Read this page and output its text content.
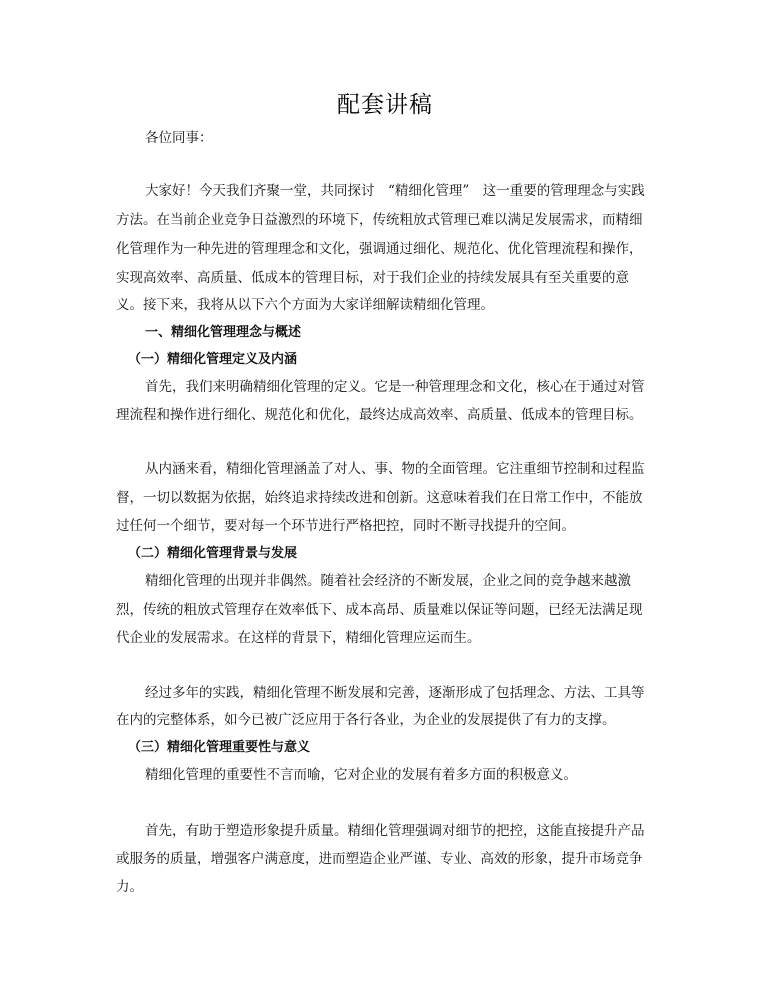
配套讲稿
各位同事：
大家好！今天我们齐聚一堂，共同探讨　“精细化管理”　这一重要的管理理念与实践
方法。在当前企业竞争日益激烈的环境下，传统粗放式管理已难以满足发展需求，而精细
化管理作为一种先进的管理理念和文化，强调通过细化、规范化、优化管理流程和操作，
实现高效率、高质量、低成本的管理目标，对于我们企业的持续发展具有至关重要的意
义。接下来，我将从以下六个方面为大家详细解读精细化管理。
一、精细化管理理念与概述
（一）精细化管理定义及内涵
首先，我们来明确精细化管理的定义。它是一种管理理念和文化，核心在于通过对管
理流程和操作进行细化、规范化和优化，最终达成高效率、高质量、低成本的管理目标。
从内涵来看，精细化管理涵盖了对人、事、物的全面管理。它注重细节控制和过程监
督，一切以数据为依据，始终追求持续改进和创新。这意味着我们在日常工作中，不能放
过任何一个细节，要对每一个环节进行严格把控，同时不断寻找提升的空间。
（二）精细化管理背景与发展
精细化管理的出现并非偶然。随着社会经济的不断发展，企业之间的竞争越来越激
烈，传统的粗放式管理存在效率低下、成本高昂、质量难以保证等问题，已经无法满足现
代企业的发展需求。在这样的背景下，精细化管理应运而生。
经过多年的实践，精细化管理不断发展和完善，逐渐形成了包括理念、方法、工具等
在内的完整体系，如今已被广泛应用于各行各业，为企业的发展提供了有力的支撑。
（三）精细化管理重要性与意义
精细化管理的重要性不言而喻，它对企业的发展有着多方面的积极意义。
首先，有助于塑造形象提升质量。精细化管理强调对细节的把控，这能直接提升产品
或服务的质量，增强客户满意度，进而塑造企业严谨、专业、高效的形象，提升市场竞争
力。
